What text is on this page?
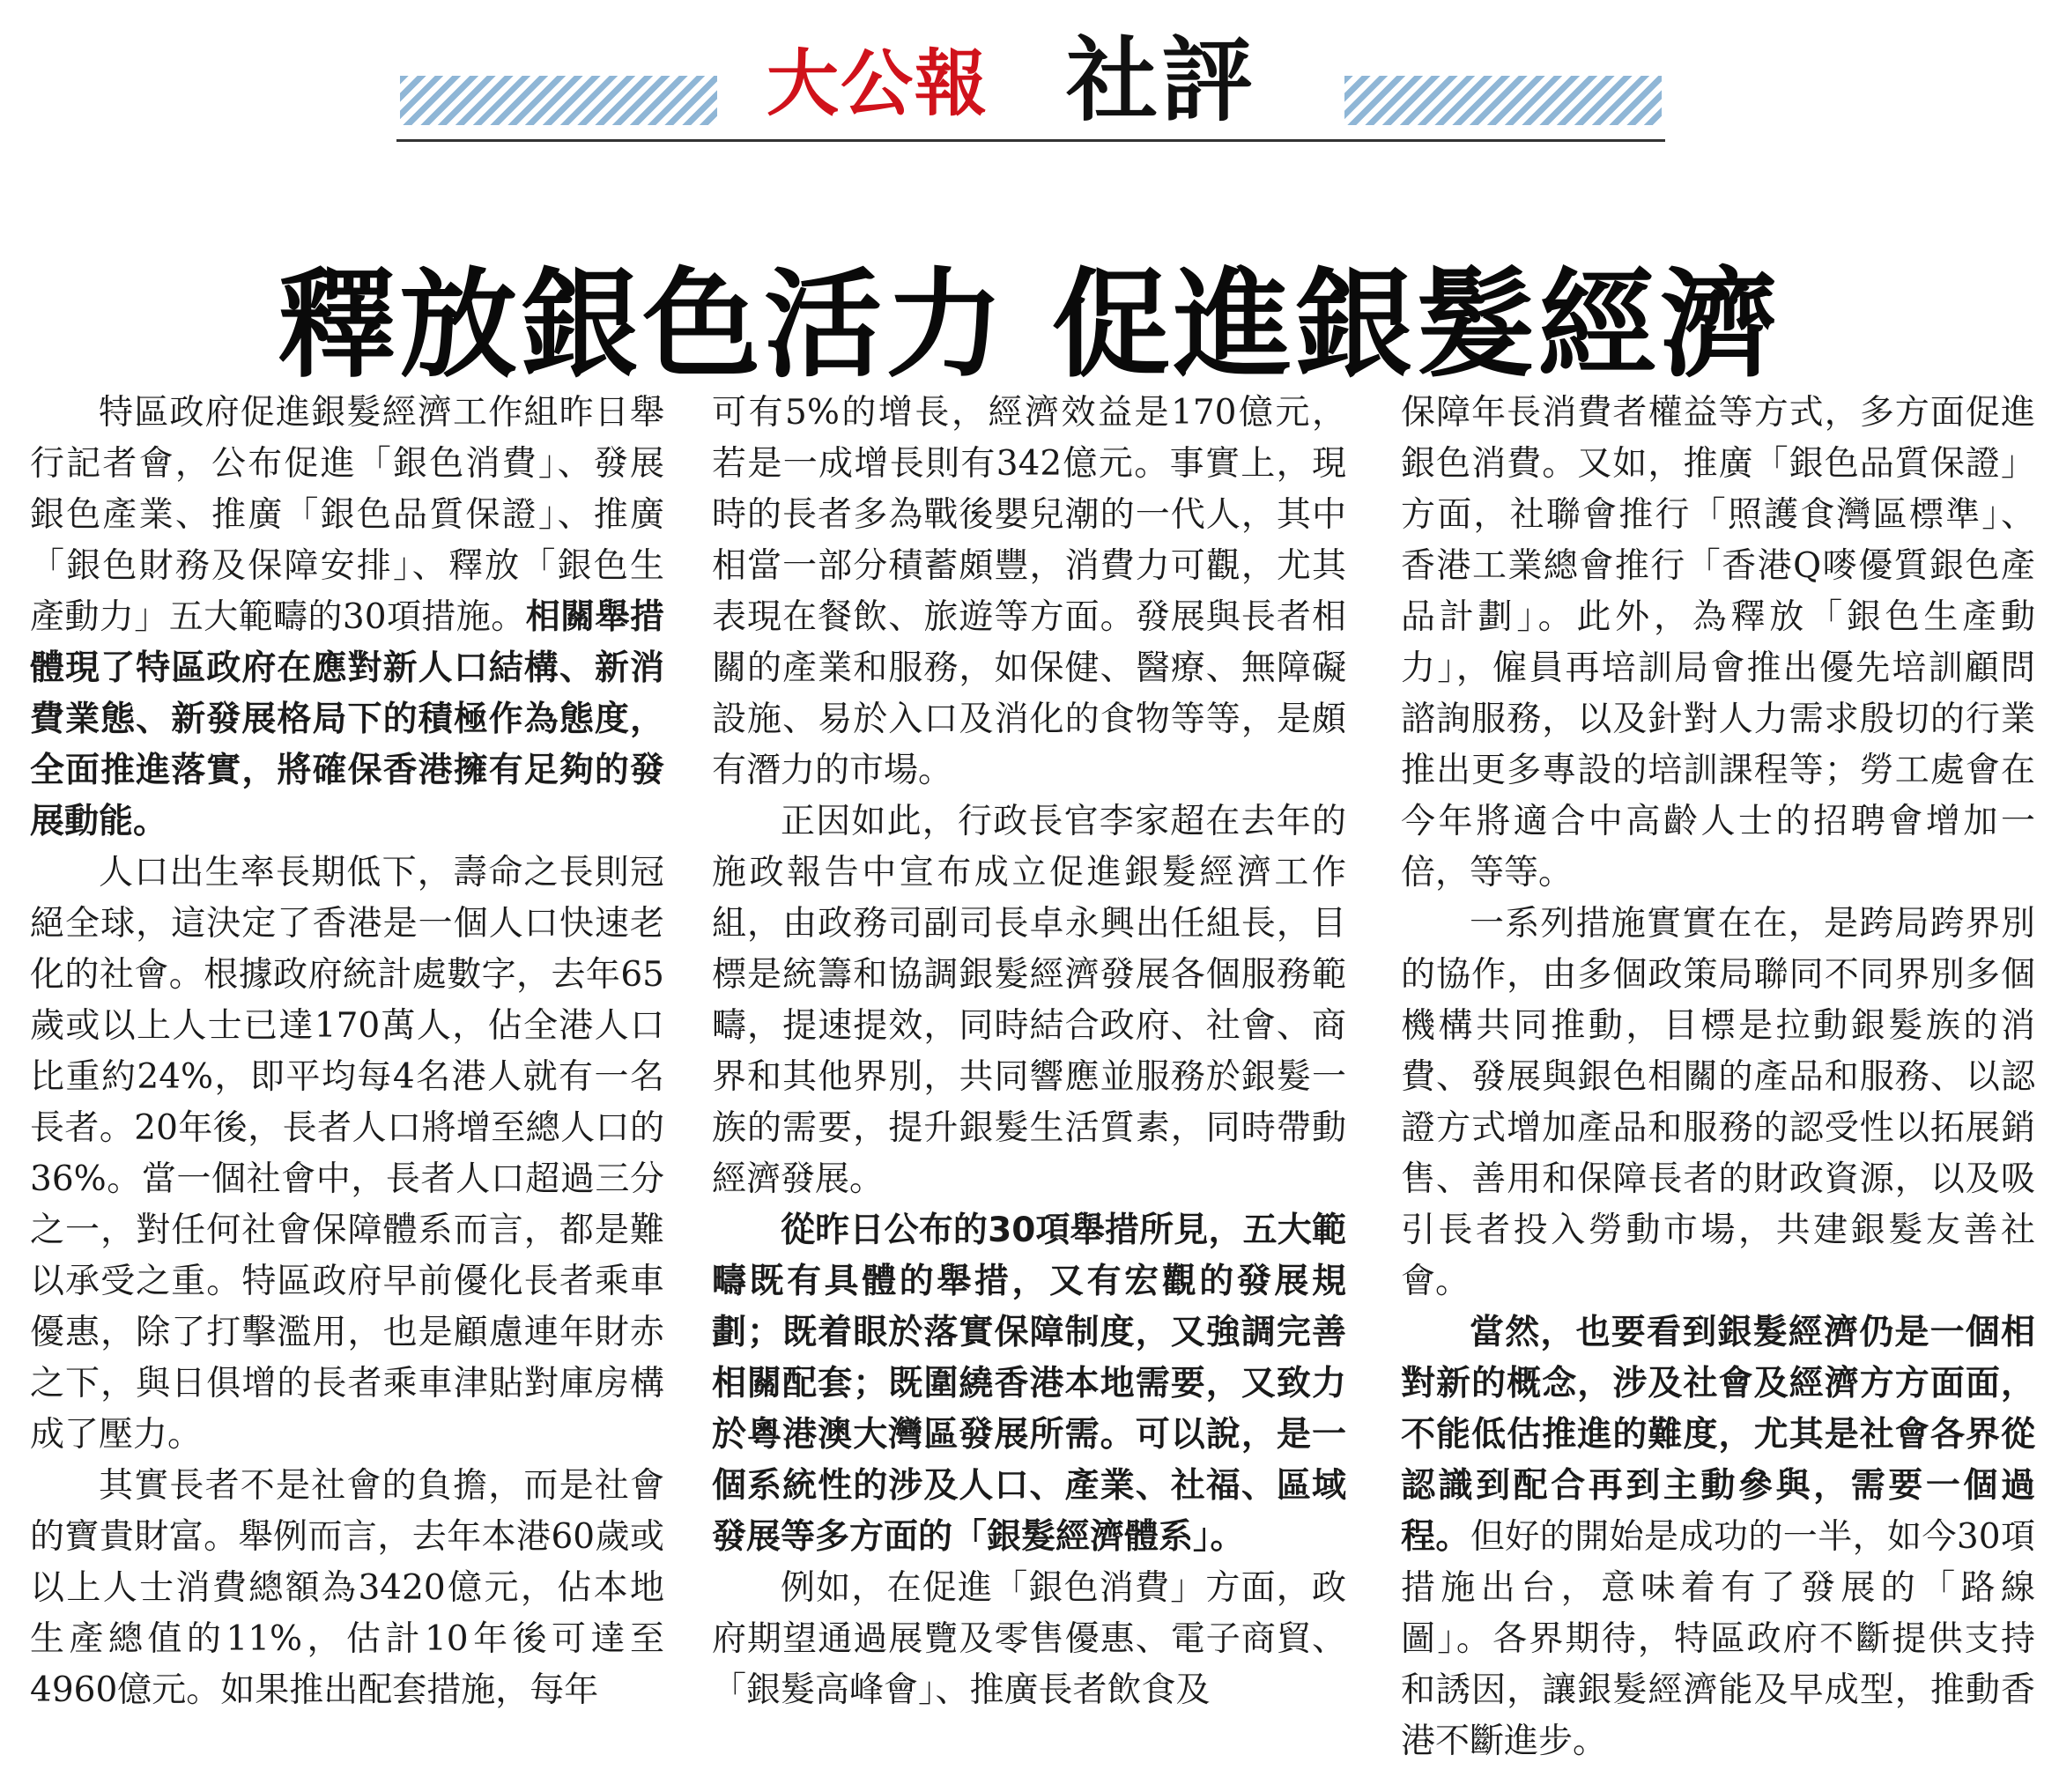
大公報 社評
釋放銀色活力 促進銀髮經濟

特區政府促進銀髮經濟工作組昨日舉行記者會，公布促進「銀色消費」、發展銀色產業、推廣「銀色品質保證」、推廣「銀色財務及保障安排」、釋放「銀色生產動力」五大範疇的30項措施。相關舉措體現了特區政府在應對新人口結構、新消費業態、新發展格局下的積極作為態度，全面推進落實，將確保香港擁有足夠的發展動能。

人口出生率長期低下，壽命之長則冠絕全球，這決定了香港是一個人口快速老化的社會。根據政府統計處數字，去年65歲或以上人士已達170萬人，佔全港人口比重約24%，即平均每4名港人就有一名長者。20年後，長者人口將增至總人口的36%。當一個社會中，長者人口超過三分之一，對任何社會保障體系而言，都是難以承受之重。特區政府早前優化長者乘車優惠，除了打擊濫用，也是顧慮連年財赤之下，與日俱增的長者乘車津貼對庫房構成了壓力。

其實長者不是社會的負擔，而是社會的寶貴財富。舉例而言，去年本港60歲或以上人士消費總額為3420億元，佔本地生產總值的11%，估計10年後可達至4960億元。如果推出配套措施，每年

可有5%的增長，經濟效益是170億元，若是一成增長則有342億元。事實上，現時的長者多為戰後嬰兒潮的一代人，其中相當一部分積蓄頗豐，消費力可觀，尤其表現在餐飲、旅遊等方面。發展與長者相關的產業和服務，如保健、醫療、無障礙設施、易於入口及消化的食物等等，是頗有潛力的市場。

正因如此，行政長官李家超在去年的施政報告中宣布成立促進銀髮經濟工作組，由政務司副司長卓永興出任組長，目標是統籌和協調銀髮經濟發展各個服務範疇，提速提效，同時結合政府、社會、商界和其他界別，共同響應並服務於銀髮一族的需要，提升銀髮生活質素，同時帶動經濟發展。

從昨日公布的30項舉措所見，五大範疇既有具體的舉措，又有宏觀的發展規劃；既着眼於落實保障制度，又強調完善相關配套；既圍繞香港本地需要，又致力於粵港澳大灣區發展所需。可以說，是一個系統性的涉及人口、產業、社福、區域發展等多方面的「銀髮經濟體系」。

例如，在促進「銀色消費」方面，政府期望通過展覽及零售優惠、電子商貿、「銀髮高峰會」、推廣長者飲食及

保障年長消費者權益等方式，多方面促進銀色消費。又如，推廣「銀色品質保證」方面，社聯會推行「照護食灣區標準」、香港工業總會推行「香港Q嘜優質銀色產品計劃」。此外，為釋放「銀色生產動力」，僱員再培訓局會推出優先培訓顧問諮詢服務，以及針對人力需求殷切的行業推出更多專設的培訓課程等；勞工處會在今年將適合中高齡人士的招聘會增加一倍，等等。

一系列措施實實在在，是跨局跨界別的協作，由多個政策局聯同不同界別多個機構共同推動，目標是拉動銀髮族的消費、發展與銀色相關的產品和服務、以認證方式增加產品和服務的認受性以拓展銷售、善用和保障長者的財政資源，以及吸引長者投入勞動市場，共建銀髮友善社會。

當然，也要看到銀髮經濟仍是一個相對新的概念，涉及社會及經濟方方面面，不能低估推進的難度，尤其是社會各界從認識到配合再到主動參與，需要一個過程。但好的開始是成功的一半，如今30項措施出台，意味着有了發展的「路線圖」。各界期待，特區政府不斷提供支持和誘因，讓銀髮經濟能及早成型，推動香港不斷進步。
